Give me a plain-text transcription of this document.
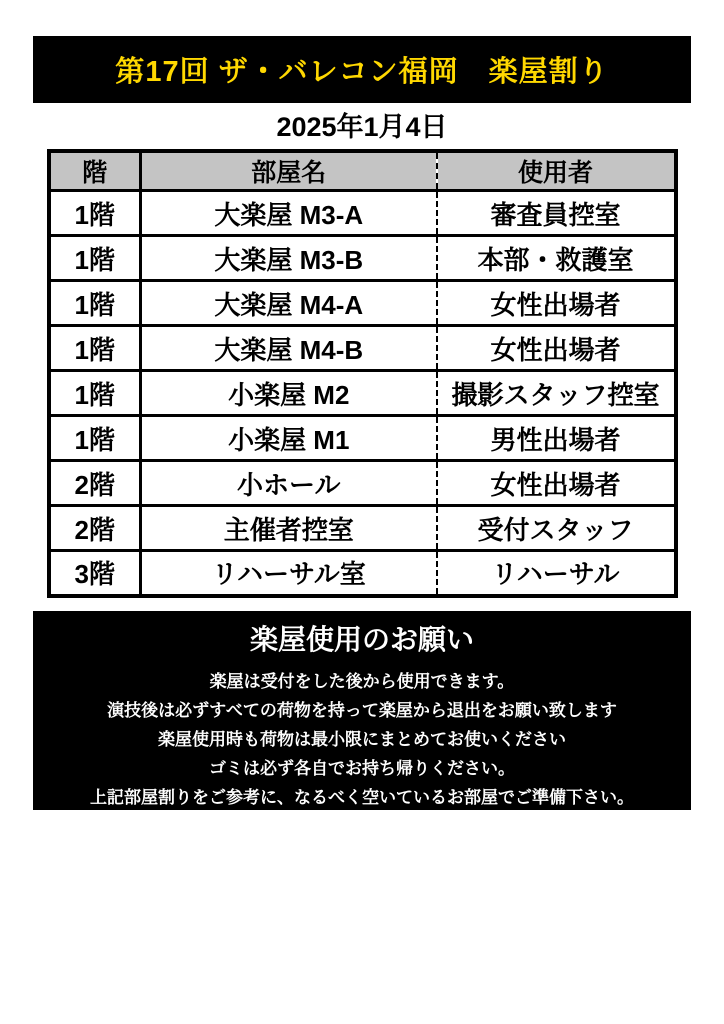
第17回 ザ・バレコン福岡　楽屋割り
2025年1月4日
階	部屋名	使用者
1階	大楽屋 M3-A	審査員控室
1階	大楽屋 M3-B	本部・救護室
1階	大楽屋 M4-A	女性出場者
1階	大楽屋 M4-B	女性出場者
1階	小楽屋 M2	撮影スタッフ控室
1階	小楽屋 M1	男性出場者
2階	小ホール	女性出場者
2階	主催者控室	受付スタッフ
3階	リハーサル室	リハーサル
楽屋使用のお願い

楽屋は受付をした後から使用できます。

演技後は必ずすべての荷物を持って楽屋から退出をお願い致します

楽屋使用時も荷物は最小限にまとめてお使いください

ゴミは必ず各自でお持ち帰りください。

上記部屋割りをご参考に、なるべく空いているお部屋でご準備下さい。
